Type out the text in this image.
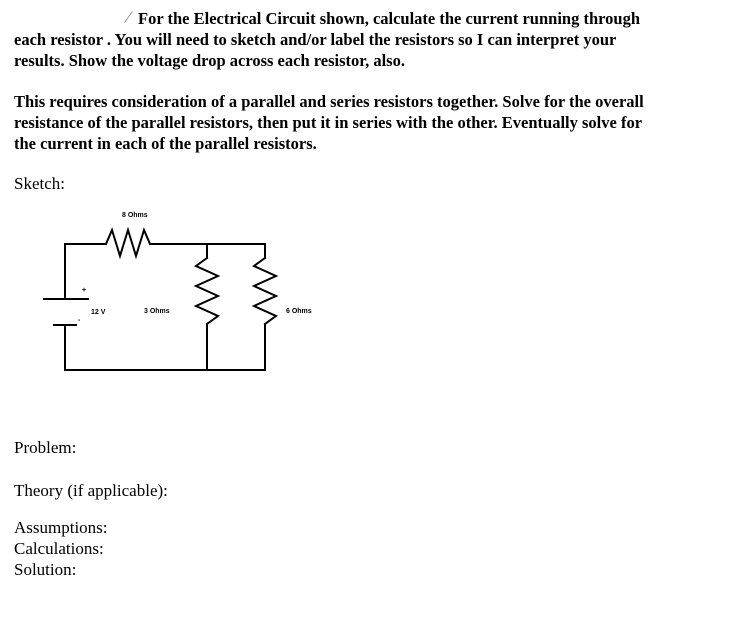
For the Electrical Circuit shown, calculate the current running through
each resistor . You will need to sketch and/or label the resistors so I can interpret your
results. Show the voltage drop across each resistor, also.
This requires consideration of a parallel and series resistors together. Solve for the overall
resistance of the parallel resistors, then put it in series with the other. Eventually solve for
the current in each of the parallel resistors.
Sketch:
+
-
12 V
8 Ohms
3 Ohms	6 Ohms
Problem:
Theory (if applicable):
Assumptions:
Calculations:
Solution:
